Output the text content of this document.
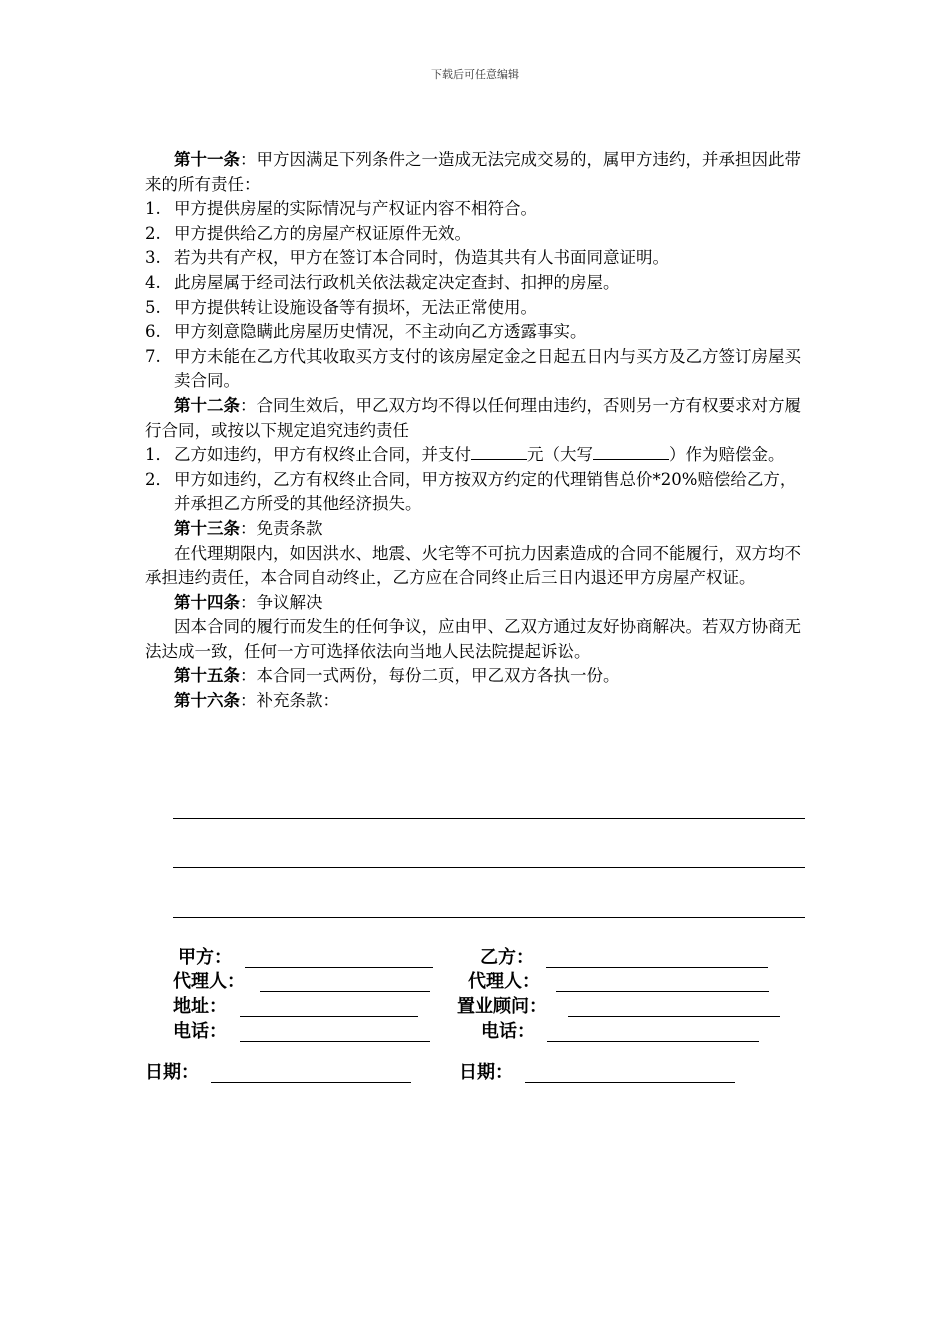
下载后可任意编辑

第十一条：甲方因满足下列条件之一造成无法完成交易的，属甲方违约，并承担因此带来的所有责任：

1. 甲方提供房屋的实际情况与产权证内容不相符合。

2. 甲方提供给乙方的房屋产权证原件无效。

3. 若为共有产权，甲方在签订本合同时，伪造其共有人书面同意证明。

4. 此房屋属于经司法行政机关依法裁定决定查封、扣押的房屋。

5. 甲方提供转让设施设备等有损坏，无法正常使用。

6. 甲方刻意隐瞒此房屋历史情况，不主动向乙方透露事实。

7. 甲方未能在乙方代其收取买方支付的该房屋定金之日起五日内与买方及乙方签订房屋买卖合同。

第十二条：合同生效后，甲乙双方均不得以任何理由违约，否则另一方有权要求对方履行合同，或按以下规定追究违约责任

1． 乙方如违约，甲方有权终止合同，并支付	元（大写	）作为赔偿金。

2． 甲方如违约，乙方有权终止合同，甲方按双方约定的代理销售总价*20%赔偿给乙方，并承担乙方所受的其他经济损失。

第十三条：免责条款

在代理期限内，如因洪水、地震、火宅等不可抗力因素造成的合同不能履行，双方均不承担违约责任，本合同自动终止，乙方应在合同终止后三日内退还甲方房屋产权证。

第十四条：争议解决

因本合同的履行而发生的任何争议，应由甲、乙双方通过友好协商解决。若双方协商无法达成一致，任何一方可选择依法向当地人民法院提起诉讼。

第十五条：本合同一式两份，每份二页，甲乙双方各执一份。

第十六条：补充条款：

甲方：	乙方：
代理人：	代理人：
地址：	置业顾问：
电话：	电话：
日期：	日期：
